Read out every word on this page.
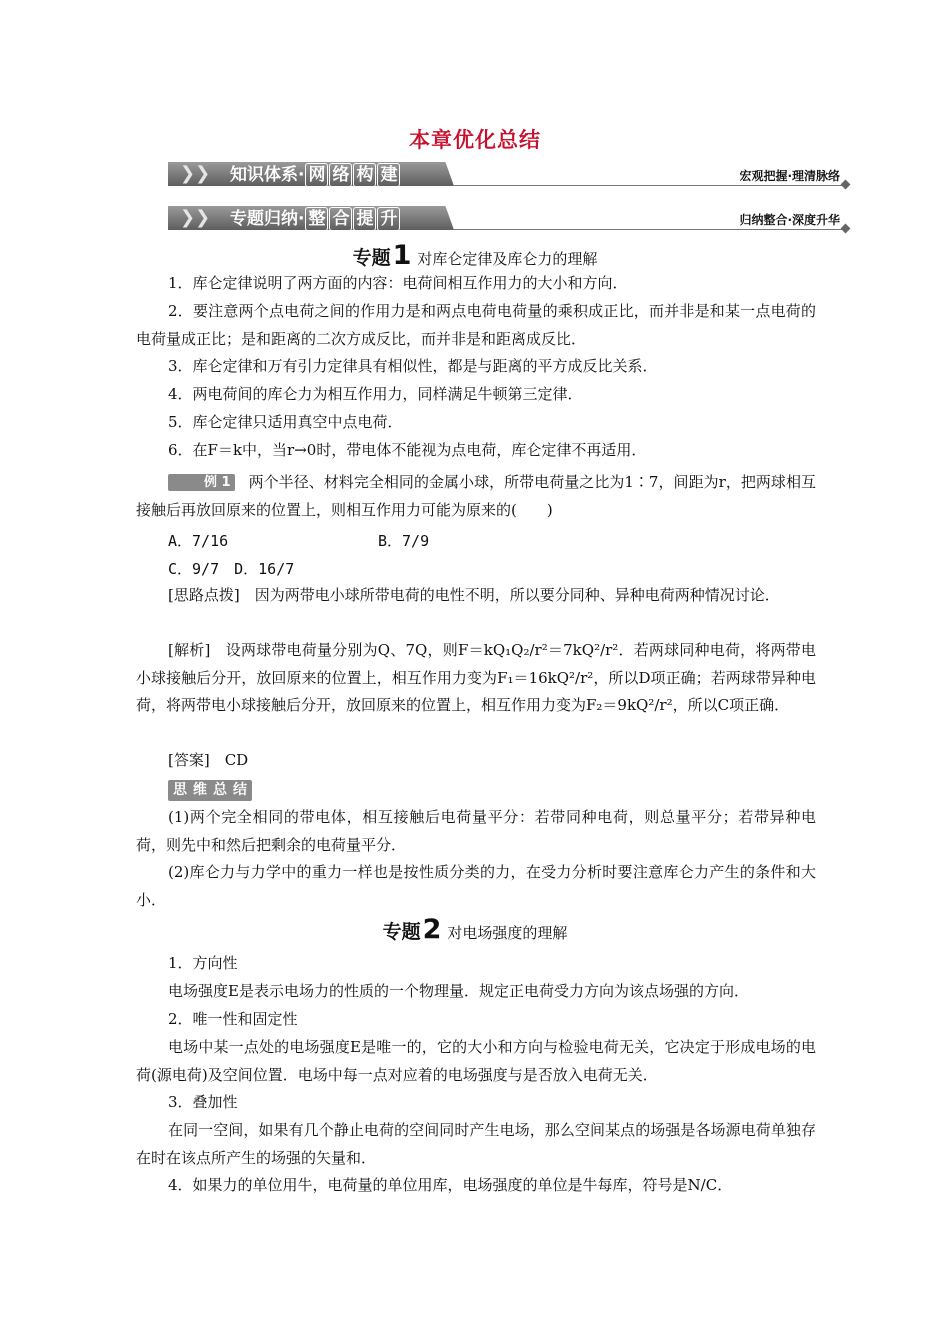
本章优化总结
❯❯ 知识体系· 网 络 构 建	宏观把握·理清脉络
❯❯ 专题归纳· 整 合 提 升	归纳整合·深度升华
专题1 对库仑定律及库仑力的理解
1．库仑定律说明了两方面的内容：电荷间相互作用力的大小和方向．
2．要注意两个点电荷之间的作用力是和两点电荷电荷量的乘积成正比，而并非是和某一点电荷的电荷量成正比；是和距离的二次方成反比，而并非是和距离成反比．
3．库仑定律和万有引力定律具有相似性，都是与距离的平方成反比关系．
4．两电荷间的库仑力为相互作用力，同样满足牛顿第三定律．
5．库仑定律只适用真空中点电荷．
6．在F＝k中，当r→0时，带电体不能视为点电荷，库仑定律不再适用．
例 1 两个半径、材料完全相同的金属小球，所带电荷量之比为1∶7，间距为r，把两球相互接触后再放回原来的位置上，则相互作用力可能为原来的(　　)
A．7/16	B．7/9
C．9/7　D．16/7
[思路点拨]　因为两带电小球所带电荷的电性不明，所以要分同种、异种电荷两种情况讨论．
[解析]　设两球带电荷量分别为Q、7Q，则F＝kQ₁Q₂/r²＝7kQ²/r²．若两球同种电荷，将两带电小球接触后分开，放回原来的位置上，相互作用力变为F₁＝16kQ²/r²，所以D项正确；若两球带异种电荷，将两带电小球接触后分开，放回原来的位置上，相互作用力变为F₂＝9kQ²/r²，所以C项正确．
[答案]　CD
思维总结
(1)两个完全相同的带电体，相互接触后电荷量平分：若带同种电荷，则总量平分；若带异种电荷，则先中和然后把剩余的电荷量平分．
(2)库仑力与力学中的重力一样也是按性质分类的力，在受力分析时要注意库仑力产生的条件和大小．
专题2 对电场强度的理解
1．方向性
电场强度E是表示电场力的性质的一个物理量．规定正电荷受力方向为该点场强的方向．
2．唯一性和固定性
电场中某一点处的电场强度E是唯一的，它的大小和方向与检验电荷无关，它决定于形成电场的电荷(源电荷)及空间位置．电场中每一点对应着的电场强度与是否放入电荷无关．
3．叠加性
在同一空间，如果有几个静止电荷的空间同时产生电场，那么空间某点的场强是各场源电荷单独存在时在该点所产生的场强的矢量和．
4．如果力的单位用牛，电荷量的单位用库，电场强度的单位是牛每库，符号是N/C．
